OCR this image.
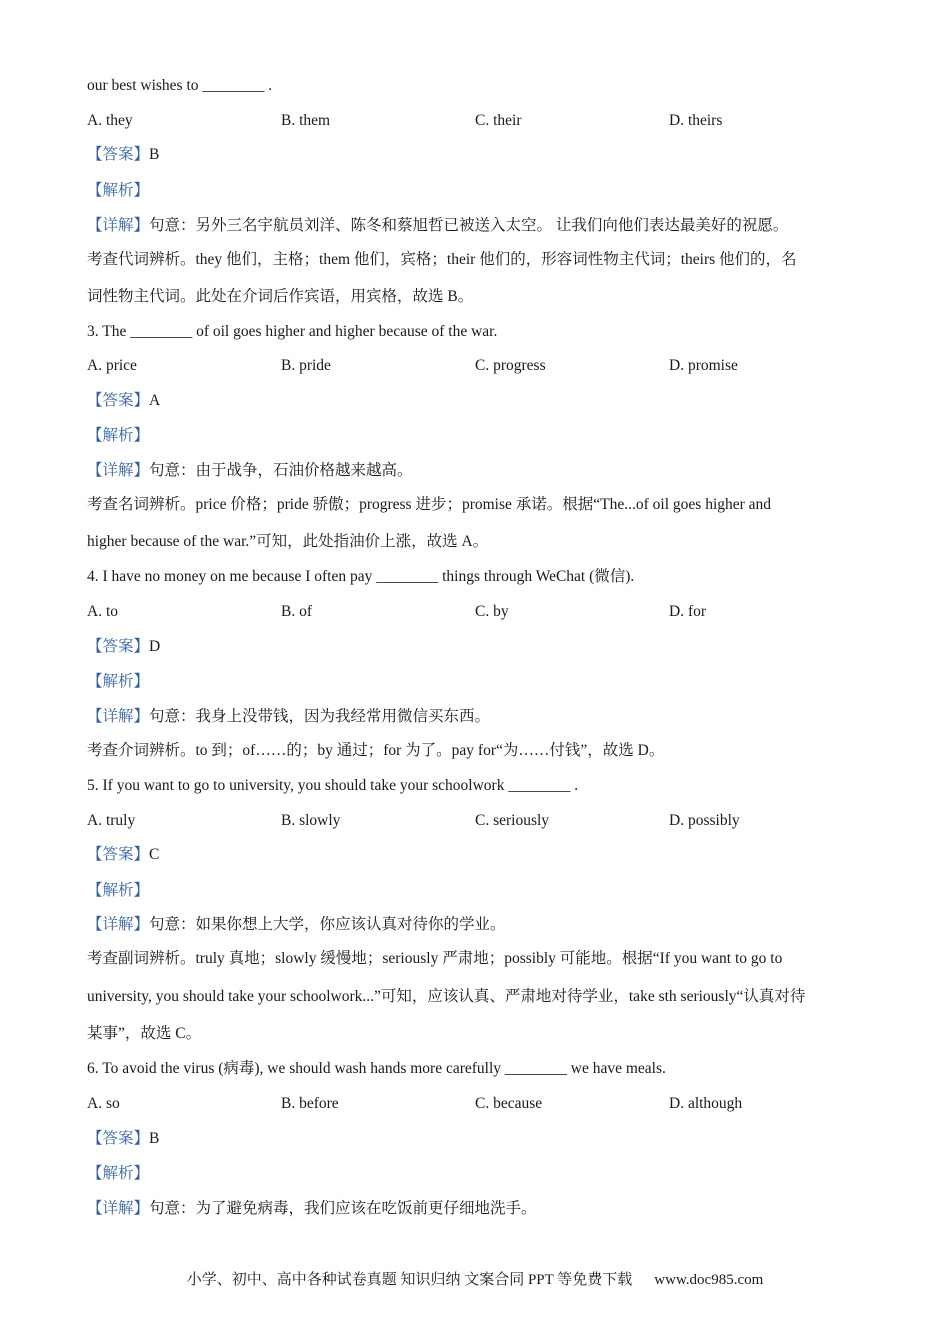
our best wishes to ________ .
A. they	B. them	C. their	D. theirs
【答案】B
【解析】
【详解】句意：另外三名宇航员刘洋、陈冬和蔡旭哲已被送入太空。 让我们向他们表达最美好的祝愿。
考查代词辨析。they 他们，主格；them 他们，宾格；their 他们的，形容词性物主代词；theirs 他们的，名
词性物主代词。此处在介词后作宾语，用宾格，故选 B。
3. The ________ of oil goes higher and higher because of the war.
A. price	B. pride	C. progress	D. promise
【答案】A
【解析】
【详解】句意：由于战争，石油价格越来越高。
考查名词辨析。price 价格；pride 骄傲；progress 进步；promise 承诺。根据“The...of oil goes higher and
higher because of the war.”可知，此处指油价上涨，故选 A。
4. I have no money on me because I often pay ________ things through WeChat (微信).
A. to	B. of	C. by	D. for
【答案】D
【解析】
【详解】句意：我身上没带钱，因为我经常用微信买东西。
考查介词辨析。to 到；of……的；by 通过；for 为了。pay for“为……付钱”，故选 D。
5. If you want to go to university, you should take your schoolwork ________ .
A. truly	B. slowly	C. seriously	D. possibly
【答案】C
【解析】
【详解】句意：如果你想上大学，你应该认真对待你的学业。
考查副词辨析。truly 真地；slowly 缓慢地；seriously 严肃地；possibly 可能地。根据“If you want to go to
university, you should take your schoolwork...”可知，应该认真、严肃地对待学业，take sth seriously“认真对待
某事”，故选 C。
6. To avoid the virus (病毒), we should wash hands more carefully ________ we have meals.
A. so	B. before	C. because	D. although
【答案】B
【解析】
【详解】句意：为了避免病毒，我们应该在吃饭前更仔细地洗手。
小学、初中、高中各种试卷真题 知识归纳 文案合同 PPT 等免费下载 www.doc985.com
